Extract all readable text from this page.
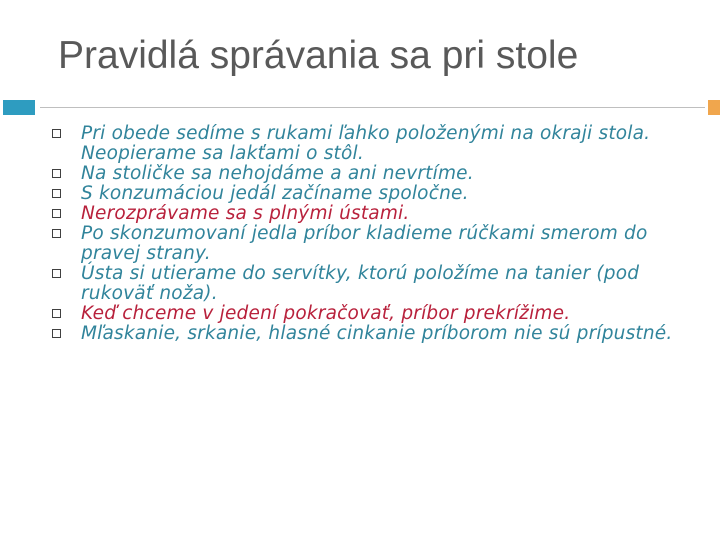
Pravidlá správania sa pri stole
Pri obede sedíme s rukami ľahko položenými na okraji stola. Neopierame sa lakťami o stôl.
Na stoličke sa nehojdáme a ani nevrtíme.
S konzumáciou jedál začíname spoločne.
Nerozprávame sa s plnými ústami.
Po skonzumovaní jedla príbor kladieme rúčkami smerom do pravej strany.
Ústa si utierame do servítky, ktorú položíme na tanier (pod rukoväť noža).
Keď chceme v jedení pokračovať, príbor prekrížime.
Mľaskanie, srkanie, hlasné cinkanie príborom nie sú prípustné.
